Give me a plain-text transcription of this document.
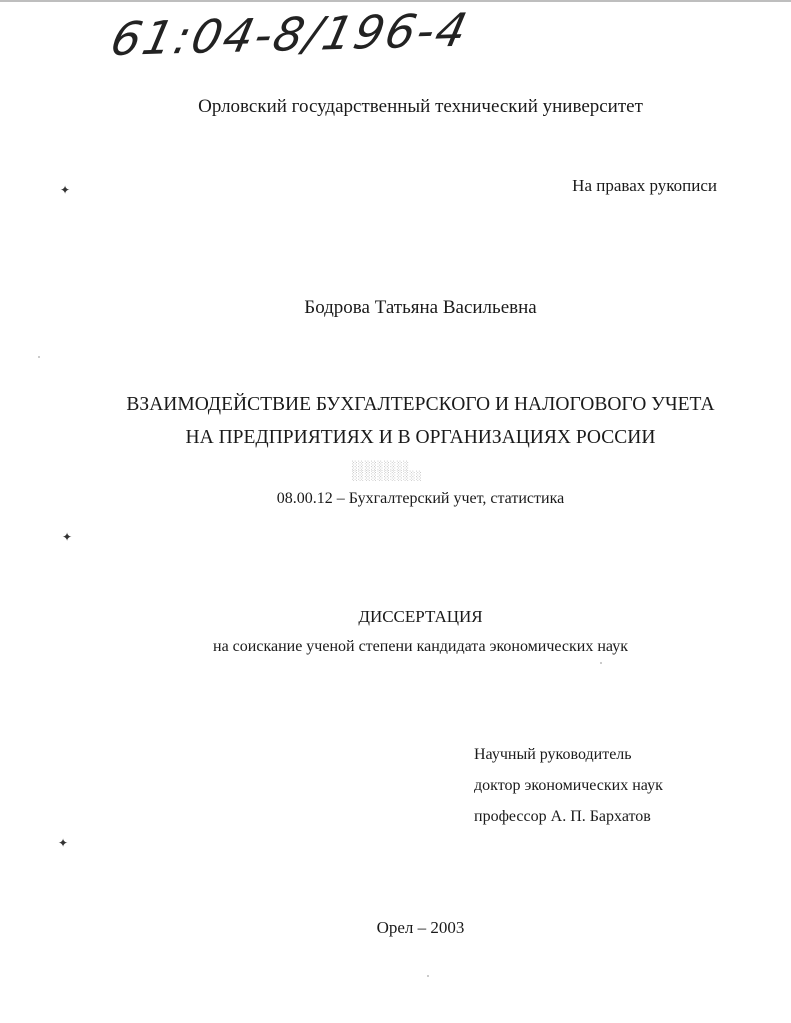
61:04-8/196-4
Орловский государственный технический университет
На правах рукописи
Бодрова Татьяна Васильевна
ВЗАИМОДЕЙСТВИЕ БУХГАЛТЕРСКОГО И НАЛОГОВОГО УЧЕТА
НА ПРЕДПРИЯТИЯХ И В ОРГАНИЗАЦИЯХ РОССИИ
░░░░░░░░░
░░░░░░░░░░░
08.00.12 – Бухгалтерский учет, статистика
ДИССЕРТАЦИЯ
на соискание ученой степени кандидата экономических наук
Научный руководитель
доктор экономических наук
профессор А. П. Бархатов
Орел – 2003
✦
✦
✦
